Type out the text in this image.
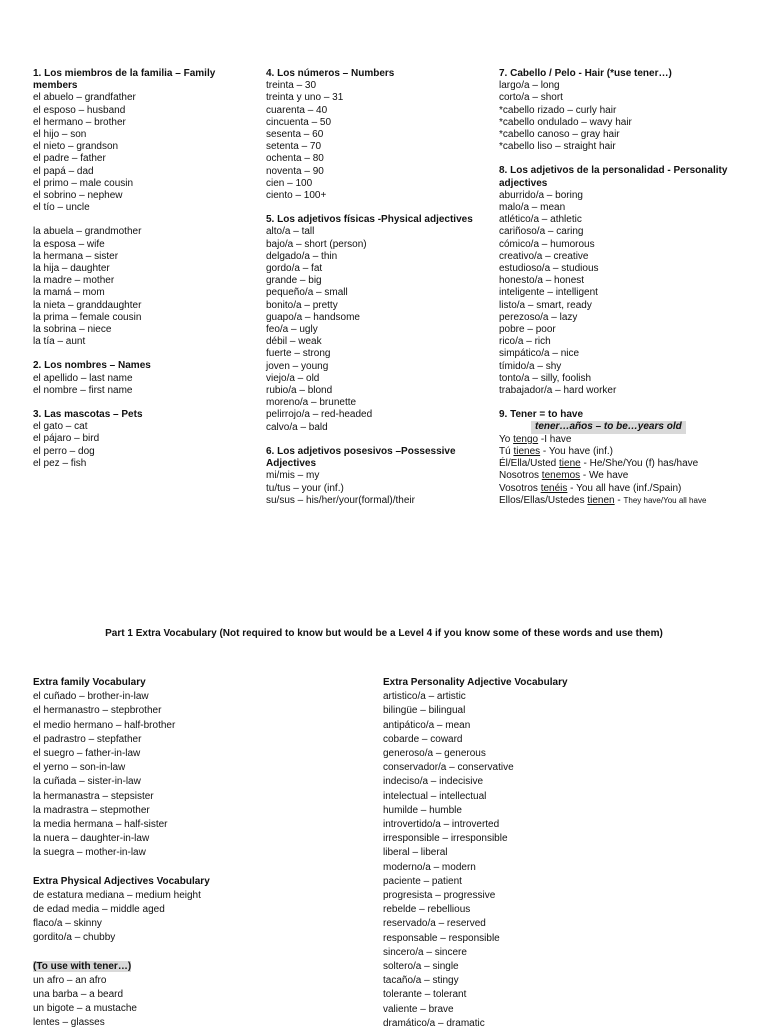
1. Los miembros de la familia – Family members
el abuelo – grandfather
el esposo – husband
el hermano – brother
el hijo – son
el nieto – grandson
el padre – father
el papá – dad
el primo – male cousin
el sobrino – nephew
el tío – uncle
la abuela – grandmother
la esposa – wife
la hermana – sister
la hija – daughter
la madre – mother
la mamá – mom
la nieta – granddaughter
la prima – female cousin
la sobrina – niece
la tía – aunt
2. Los nombres – Names
el apellido – last name
el nombre – first name
3. Las mascotas – Pets
el gato – cat
el pájaro – bird
el perro – dog
el pez – fish
4. Los números – Numbers
treinta – 30
treinta y uno – 31
cuarenta – 40
cincuenta – 50
sesenta – 60
setenta – 70
ochenta – 80
noventa – 90
cien – 100
ciento – 100+
5. Los adjetivos físicas -Physical adjectives
alto/a – tall
bajo/a – short (person)
delgado/a – thin
gordo/a – fat
grande – big
pequeño/a – small
bonito/a – pretty
guapo/a – handsome
feo/a – ugly
débil – weak
fuerte – strong
joven – young
viejo/a – old
rubio/a – blond
moreno/a – brunette
pelirrojo/a – red-headed
calvo/a – bald
6. Los adjetivos posesivos –Possessive Adjectives
mi/mis – my
tu/tus – your (inf.)
su/sus – his/her/your(formal)/their
7. Cabello / Pelo - Hair (*use tener…)
largo/a – long
corto/a – short
*cabello rizado – curly hair
*cabello ondulado – wavy hair
*cabello canoso – gray hair
*cabello liso – straight hair
8. Los adjetivos de la personalidad - Personality adjectives
aburrido/a – boring
malo/a – mean
atlético/a – athletic
cariñoso/a – caring
cómico/a – humorous
creativo/a – creative
estudioso/a – studious
honesto/a – honest
inteligente – intelligent
listo/a – smart, ready
perezoso/a – lazy
pobre – poor
rico/a – rich
simpático/a – nice
tímido/a – shy
tonto/a – silly, foolish
trabajador/a – hard worker
9. Tener = to have
tener…años – to be…years old
Yo tengo -I have
Tú tienes - You have (inf.)
Él/Ella/Usted tiene - He/She/You (f) has/have
Nosotros tenemos - We have
Vosotros tenéis - You all have (inf./Spain)
Ellos/Ellas/Ustedes tienen - They have/You all have
Part 1 Extra Vocabulary (Not required to know but would be a Level 4 if you know some of these words and use them)
Extra family Vocabulary
el cuñado – brother-in-law
el hermanastro – stepbrother
el medio hermano – half-brother
el padrastro – stepfather
el suegro – father-in-law
el yerno – son-in-law
la cuñada – sister-in-law
la hermanastra – stepsister
la madrastra – stepmother
la media hermana – half-sister
la nuera – daughter-in-law
la suegra – mother-in-law
Extra Physical Adjectives Vocabulary
de estatura mediana – medium height
de edad media – middle aged
flaco/a – skinny
gordito/a – chubby
(To use with tener…)
un afro – an afro
una barba – a beard
un bigote – a mustache
lentes – glasses
Extra Personality Adjective Vocabulary
artistico/a – artistic
bilingüe – bilingual
antipático/a – mean
cobarde – coward
generoso/a – generous
conservador/a – conservative
indeciso/a – indecisive
intelectual – intellectual
humilde – humble
introvertido/a – introverted
irresponsible – irresponsible
liberal – liberal
moderno/a – modern
paciente – patient
progresista – progressive
rebelde – rebellious
reservado/a – reserved
responsable – responsible
sincero/a – sincere
soltero/a – single
tacaño/a – stingy
tolerante – tolerant
valiente – brave
dramático/a – dramatic
